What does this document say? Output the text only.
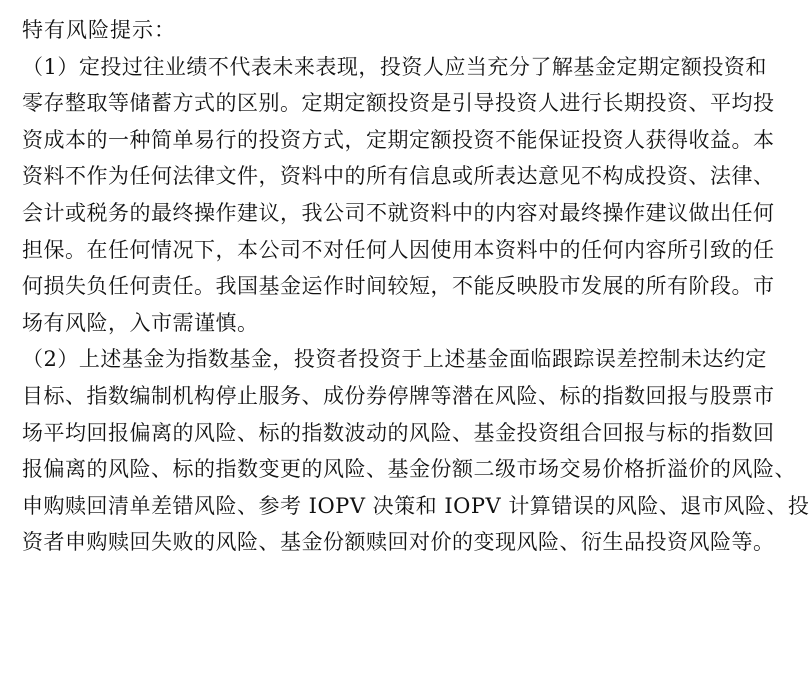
特有风险提示：
（1）定投过往业绩不代表未来表现，投资人应当充分了解基金定期定额投资和
零存整取等储蓄方式的区别。定期定额投资是引导投资人进行长期投资、平均投
资成本的一种简单易行的投资方式，定期定额投资不能保证投资人获得收益。本
资料不作为任何法律文件，资料中的所有信息或所表达意见不构成投资、法律、
会计或税务的最终操作建议，我公司不就资料中的内容对最终操作建议做出任何
担保。在任何情况下，本公司不对任何人因使用本资料中的任何内容所引致的任
何损失负任何责任。我国基金运作时间较短，不能反映股市发展的所有阶段。市
场有风险，入市需谨慎。
（2）上述基金为指数基金，投资者投资于上述基金面临跟踪误差控制未达约定
目标、指数编制机构停止服务、成份券停牌等潜在风险、标的指数回报与股票市
场平均回报偏离的风险、标的指数波动的风险、基金投资组合回报与标的指数回
报偏离的风险、标的指数变更的风险、基金份额二级市场交易价格折溢价的风险、
申购赎回清单差错风险、参考 IOPV 决策和 IOPV 计算错误的风险、退市风险、投
资者申购赎回失败的风险、基金份额赎回对价的变现风险、衍生品投资风险等。
